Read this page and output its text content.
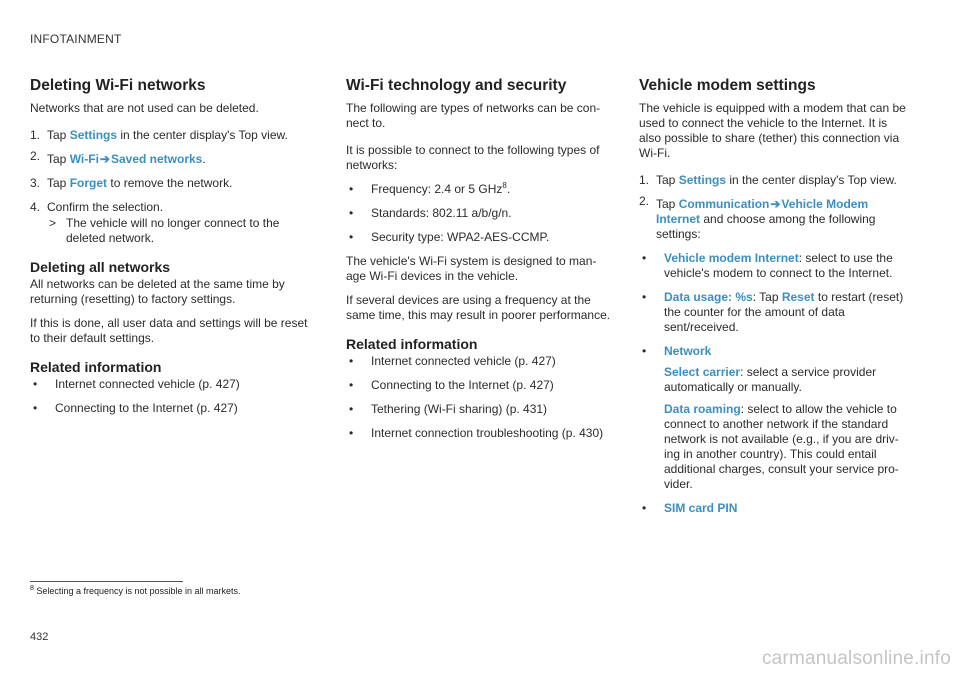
INFOTAINMENT
Deleting Wi-Fi networks

Networks that are not used can be deleted.

1. Tap Settings in the center display's Top view.
2. Tap Wi-Fi➔Saved networks.
3. Tap Forget to remove the network.
4. Confirm the selection.
> The vehicle will no longer connect to the deleted network.
Deleting all networks

All networks can be deleted at the same time by returning (resetting) to factory settings.

If this is done, all user data and settings will be reset to their default settings.

Related information
• Internet connected vehicle (p. 427)
• Connecting to the Internet (p. 427)
Wi-Fi technology and security

The following are types of networks can be con-nect to.

It is possible to connect to the following types of networks:

• Frequency: 2.4 or 5 GHz$^8$.
• Standards: 802.11 a/b/g/n.
• Security type: WPA2-AES-CCMP.

The vehicle's Wi-Fi system is designed to man-age Wi-Fi devices in the vehicle.

If several devices are using a frequency at the same time, this may result in poorer performance.

Related information
• Internet connected vehicle (p. 427)
• Connecting to the Internet (p. 427)
• Tethering (Wi-Fi sharing) (p. 431)
• Internet connection troubleshooting (p. 430)
Vehicle modem settings

The vehicle is equipped with a modem that can be used to connect the vehicle to the Internet. It is also possible to share (tether) this connection via Wi-Fi.

1. Tap Settings in the center display's Top view.
2. Tap Communication➔Vehicle Modem Internet and choose among the following settings:
• Vehicle modem Internet: select to use the vehicle's modem to connect to the Internet.
• Data usage: %s: Tap Reset to restart (reset) the counter for the amount of data sent/received.
• Network

Select carrier: select a service provider automatically or manually.

Data roaming: select to allow the vehicle to connect to another network if the standard network is not available (e.g., if you are driv-ing in another country). This could entail additional charges, consult your service pro-vider.

• SIM card PIN
$^8$ Selecting a frequency is not possible in all markets.
432
carmanualsonline.info
